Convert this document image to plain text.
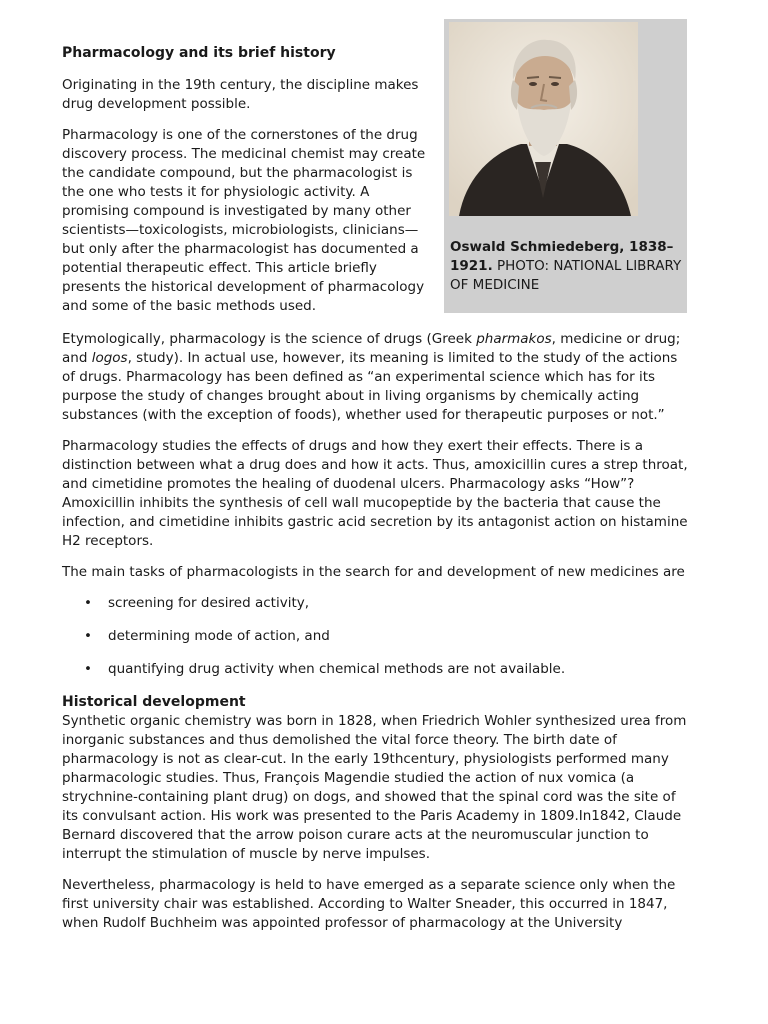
Pharmacology and its brief history

Originating in the 19th century, the discipline makes drug development possible.

Pharmacology is one of the cornerstones of the drug discovery process. The medicinal chemist may create the candidate compound, but the pharmacologist is the one who tests it for physiologic activity. A promising compound is investigated by many other scientists—toxicologists, microbiologists, clinicians—but only after the pharmacologist has documented a potential therapeutic effect. This article briefly presents the historical development of pharmacology and some of the basic methods used.

Oswald Schmiedeberg, 1838–1921. PHOTO: NATIONAL LIBRARY OF MEDICINE

Etymologically, pharmacology is the science of drugs (Greek pharmakos, medicine or drug; and logos, study). In actual use, however, its meaning is limited to the study of the actions of drugs. Pharmacology has been defined as “an experimental science which has for its purpose the study of changes brought about in living organisms by chemically acting substances (with the exception of foods), whether used for therapeutic purposes or not.”

Pharmacology studies the effects of drugs and how they exert their effects. There is a distinction between what a drug does and how it acts. Thus, amoxicillin cures a strep throat, and cimetidine promotes the healing of duodenal ulcers. Pharmacology asks “How”? Amoxicillin inhibits the synthesis of cell wall mucopeptide by the bacteria that cause the infection, and cimetidine inhibits gastric acid secretion by its antagonist action on histamine H2 receptors.

The main tasks of pharmacologists in the search for and development of new medicines are

• screening for desired activity,
• determining mode of action, and
• quantifying drug activity when chemical methods are not available.
Historical development

Synthetic organic chemistry was born in 1828, when Friedrich Wohler synthesized urea from inorganic substances and thus demolished the vital force theory. The birth date of pharmacology is not as clear-cut. In the early 19thcentury, physiologists performed many pharmacologic studies. Thus, François Magendie studied the action of nux vomica (a strychnine-containing plant drug) on dogs, and showed that the spinal cord was the site of its convulsant action. His work was presented to the Paris Academy in 1809.In1842, Claude Bernard discovered that the arrow poison curare acts at the neuromuscular junction to interrupt the stimulation of muscle by nerve impulses.

Nevertheless, pharmacology is held to have emerged as a separate science only when the first university chair was established. According to Walter Sneader, this occurred in 1847, when Rudolf Buchheim was appointed professor of pharmacology at the University
